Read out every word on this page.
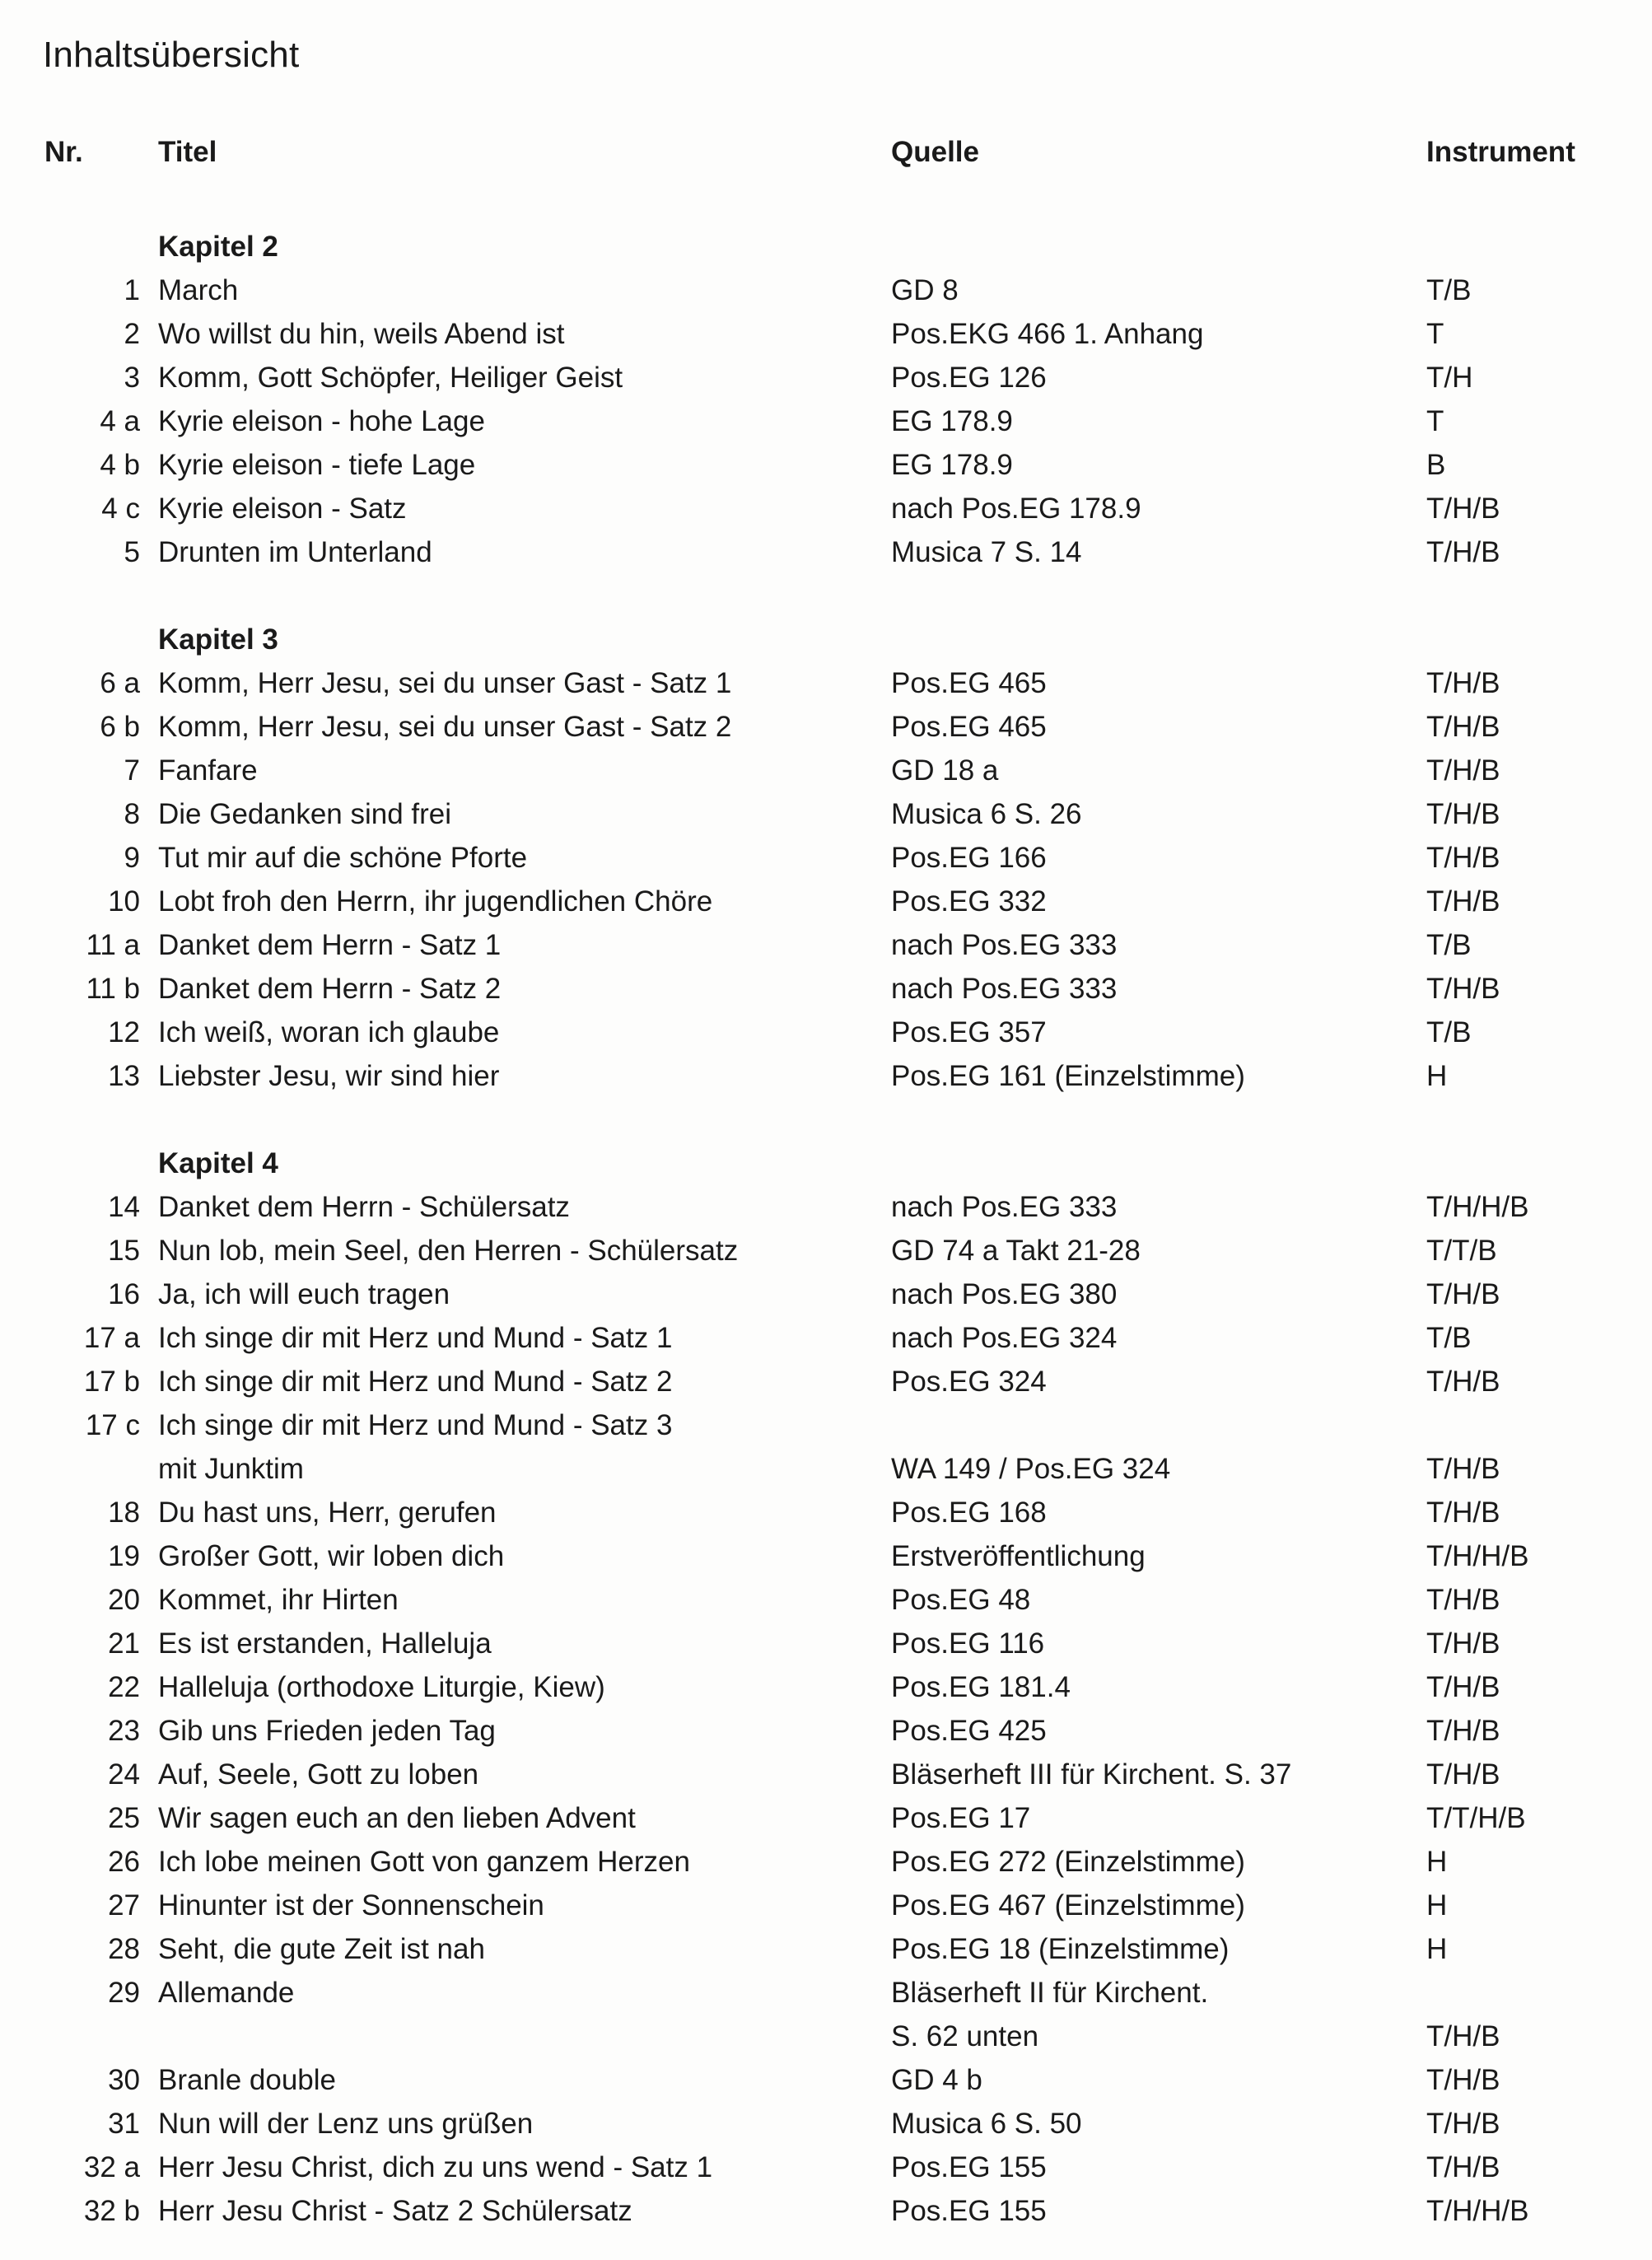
Inhaltsübersicht
Nr.	Titel	Quelle	Instrument
Kapitel 2
1 March	GD 8	T/B
2 Wo willst du hin, weils Abend ist	Pos.EKG 466 1. Anhang	T
3 Komm, Gott Schöpfer, Heiliger Geist	Pos.EG 126	T/H
4 a Kyrie eleison - hohe Lage	EG 178.9	T
4 b Kyrie eleison - tiefe Lage	EG 178.9	B
4 c Kyrie eleison - Satz	nach Pos.EG 178.9	T/H/B
5 Drunten im Unterland	Musica 7 S. 14	T/H/B
Kapitel 3
6 a Komm, Herr Jesu, sei du unser Gast - Satz 1	Pos.EG 465	T/H/B
6 b Komm, Herr Jesu, sei du unser Gast - Satz 2	Pos.EG 465	T/H/B
7 Fanfare	GD 18 a	T/H/B
8 Die Gedanken sind frei	Musica 6 S. 26	T/H/B
9 Tut mir auf die schöne Pforte	Pos.EG 166	T/H/B
10 Lobt froh den Herrn, ihr jugendlichen Chöre	Pos.EG 332	T/H/B
11 a Danket dem Herrn - Satz 1	nach Pos.EG 333	T/B
11 b Danket dem Herrn - Satz 2	nach Pos.EG 333	T/H/B
12 Ich weiß, woran ich glaube	Pos.EG 357	T/B
13 Liebster Jesu, wir sind hier	Pos.EG 161 (Einzelstimme)	H
Kapitel 4
14 Danket dem Herrn - Schülersatz	nach Pos.EG 333	T/H/H/B
15 Nun lob, mein Seel, den Herren - Schülersatz	GD 74 a Takt 21-28	T/T/B
16 Ja, ich will euch tragen	nach Pos.EG 380	T/H/B
17 a Ich singe dir mit Herz und Mund - Satz 1	nach Pos.EG 324	T/B
17 b Ich singe dir mit Herz und Mund - Satz 2	Pos.EG 324	T/H/B
17 c Ich singe dir mit Herz und Mund - Satz 3
mit Junktim	WA 149 / Pos.EG 324	T/H/B
18 Du hast uns, Herr, gerufen	Pos.EG 168	T/H/B
19 Großer Gott, wir loben dich	Erstveröffentlichung	T/H/H/B
20 Kommet, ihr Hirten	Pos.EG 48	T/H/B
21 Es ist erstanden, Halleluja	Pos.EG 116	T/H/B
22 Halleluja (orthodoxe Liturgie, Kiew)	Pos.EG 181.4	T/H/B
23 Gib uns Frieden jeden Tag	Pos.EG 425	T/H/B
24 Auf, Seele, Gott zu loben	Bläserheft III für Kirchent. S. 37	T/H/B
25 Wir sagen euch an den lieben Advent	Pos.EG 17	T/T/H/B
26 Ich lobe meinen Gott von ganzem Herzen	Pos.EG 272 (Einzelstimme)	H
27 Hinunter ist der Sonnenschein	Pos.EG 467 (Einzelstimme)	H
28 Seht, die gute Zeit ist nah	Pos.EG 18 (Einzelstimme)	H
29 Allemande	Bläserheft II für Kirchent.
S. 62 unten	T/H/B
30 Branle double	GD 4 b	T/H/B
31 Nun will der Lenz uns grüßen	Musica 6 S. 50	T/H/B
32 a Herr Jesu Christ, dich zu uns wend - Satz 1	Pos.EG 155	T/H/B
32 b Herr Jesu Christ - Satz 2 Schülersatz	Pos.EG 155	T/H/H/B
